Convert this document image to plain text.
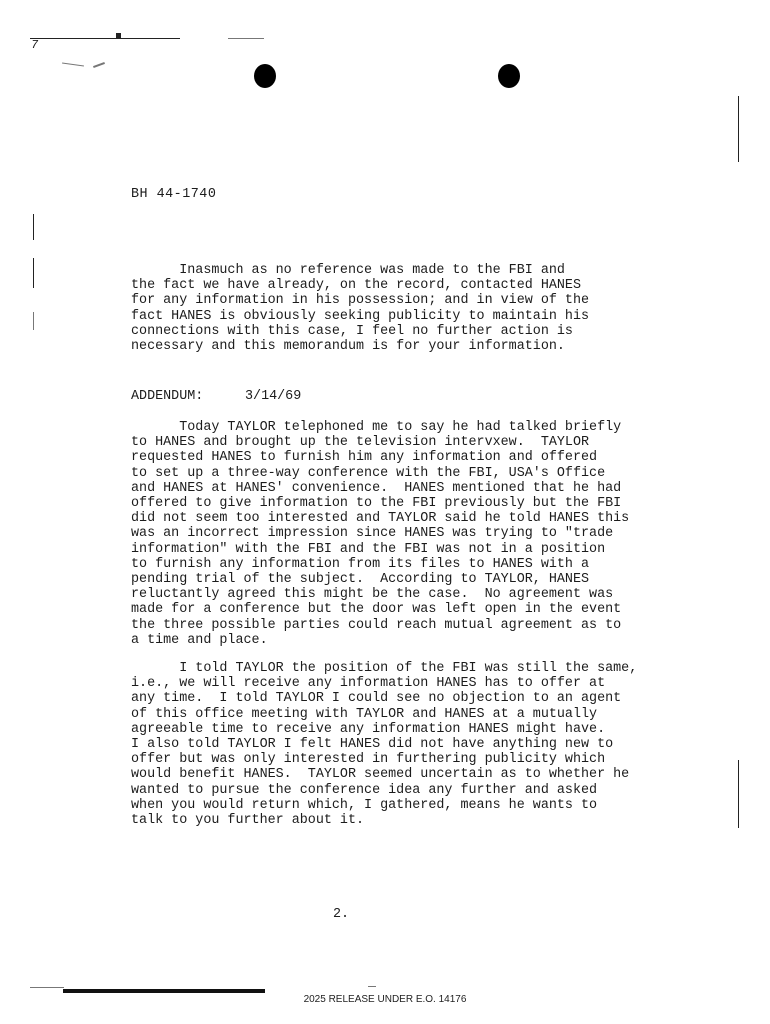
7
BH 44-1740

Inasmuch as no reference was made to the FBI and
the fact we have already, on the record, contacted HANES
for any information in his possession; and in view of the
fact HANES is obviously seeking publicity to maintain his
connections with this case, I feel no further action is
necessary and this memorandum is for your information.

ADDENDUM:	3/14/69

Today TAYLOR telephoned me to say he had talked briefly
to HANES and brought up the television intervxew.  TAYLOR
requested HANES to furnish him any information and offered
to set up a three-way conference with the FBI, USA's Office
and HANES at HANES' convenience.  HANES mentioned that he had
offered to give information to the FBI previously but the FBI
did not seem too interested and TAYLOR said he told HANES this
was an incorrect impression since HANES was trying to "trade
information" with the FBI and the FBI was not in a position
to furnish any information from its files to HANES with a
pending trial of the subject.  According to TAYLOR, HANES
reluctantly agreed this might be the case.  No agreement was
made for a conference but the door was left open in the event
the three possible parties could reach mutual agreement as to
a time and place.

I told TAYLOR the position of the FBI was still the same,
i.e., we will receive any information HANES has to offer at
any time.  I told TAYLOR I could see no objection to an agent
of this office meeting with TAYLOR and HANES at a mutually
agreeable time to receive any information HANES might have.
I also told TAYLOR I felt HANES did not have anything new to
offer but was only interested in furthering publicity which
would benefit HANES.  TAYLOR seemed uncertain as to whether he
wanted to pursue the conference idea any further and asked
when you would return which, I gathered, means he wants to
talk to you further about it.

2.
2025 RELEASE UNDER E.O. 14176
